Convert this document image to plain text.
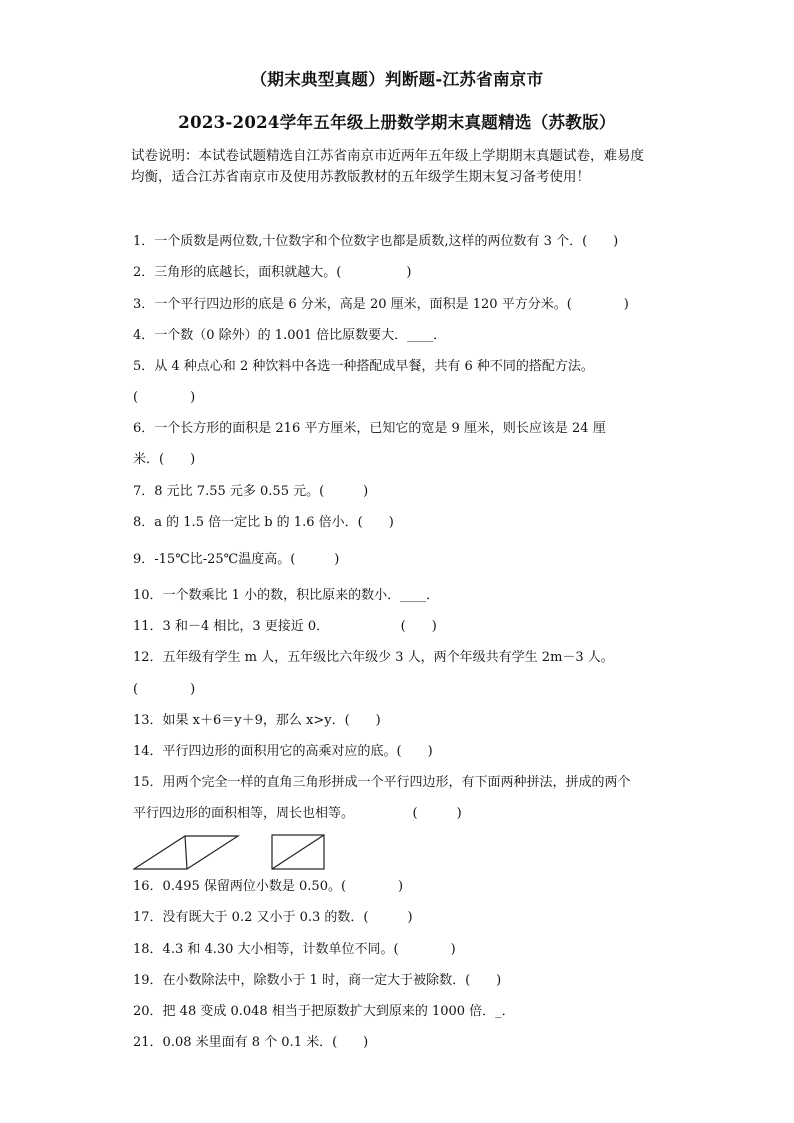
（期末典型真题）判断题-江苏省南京市
2023-2024学年五年级上册数学期末真题精选（苏教版）
试卷说明：本试卷试题精选自江苏省南京市近两年五年级上学期期末真题试卷，难易度
均衡，适合江苏省南京市及使用苏教版教材的五年级学生期末复习备考使用！
1．一个质数是两位数,十位数字和个位数字也都是质数,这样的两位数有 3 个．(　　)
2．三角形的底越长，面积就越大。(　　　　　)
3．一个平行四边形的底是 6 分米，高是 20 厘米，面积是 120 平方分米。(　　　　)
4．一个数（0 除外）的 1.001 倍比原数要大．____．
5．从 4 种点心和 2 种饮料中各选一种搭配成早餐，共有 6 种不同的搭配方法。
(　　　　)
6．一个长方形的面积是 216 平方厘米，已知它的宽是 9 厘米，则长应该是 24 厘
米．(　　)
7．8 元比 7.55 元多 0.55 元。(　　　)
8．a 的 1.5 倍一定比 b 的 1.6 倍小．(　　)
9．-15℃比-25℃温度高。(　　　)
10．一个数乘比 1 小的数，积比原来的数小．____．
11．3 和－4 相比，3 更接近 0．　　　　　　(　　)
12．五年级有学生 m 人，五年级比六年级少 3 人，两个年级共有学生 2m－3 人。
(　　　　)
13．如果 x＋6＝y＋9，那么 x>y．(　　)
14．平行四边形的面积用它的高乘对应的底。(　　)
15．用两个完全一样的直角三角形拼成一个平行四边形，有下面两种拼法，拼成的两个
平行四边形的面积相等，周长也相等。　　　　　(　　　)
16．0.495 保留两位小数是 0.50。(　　　　)
17．没有既大于 0.2 又小于 0.3 的数．(　　　)
18．4.3 和 4.30 大小相等，计数单位不同。(　　　　)
19．在小数除法中，除数小于 1 时，商一定大于被除数．(　　)
20．把 48 变成 0.048 相当于把原数扩大到原来的 1000 倍．_．
21．0.08 米里面有 8 个 0.1 米．(　　)
